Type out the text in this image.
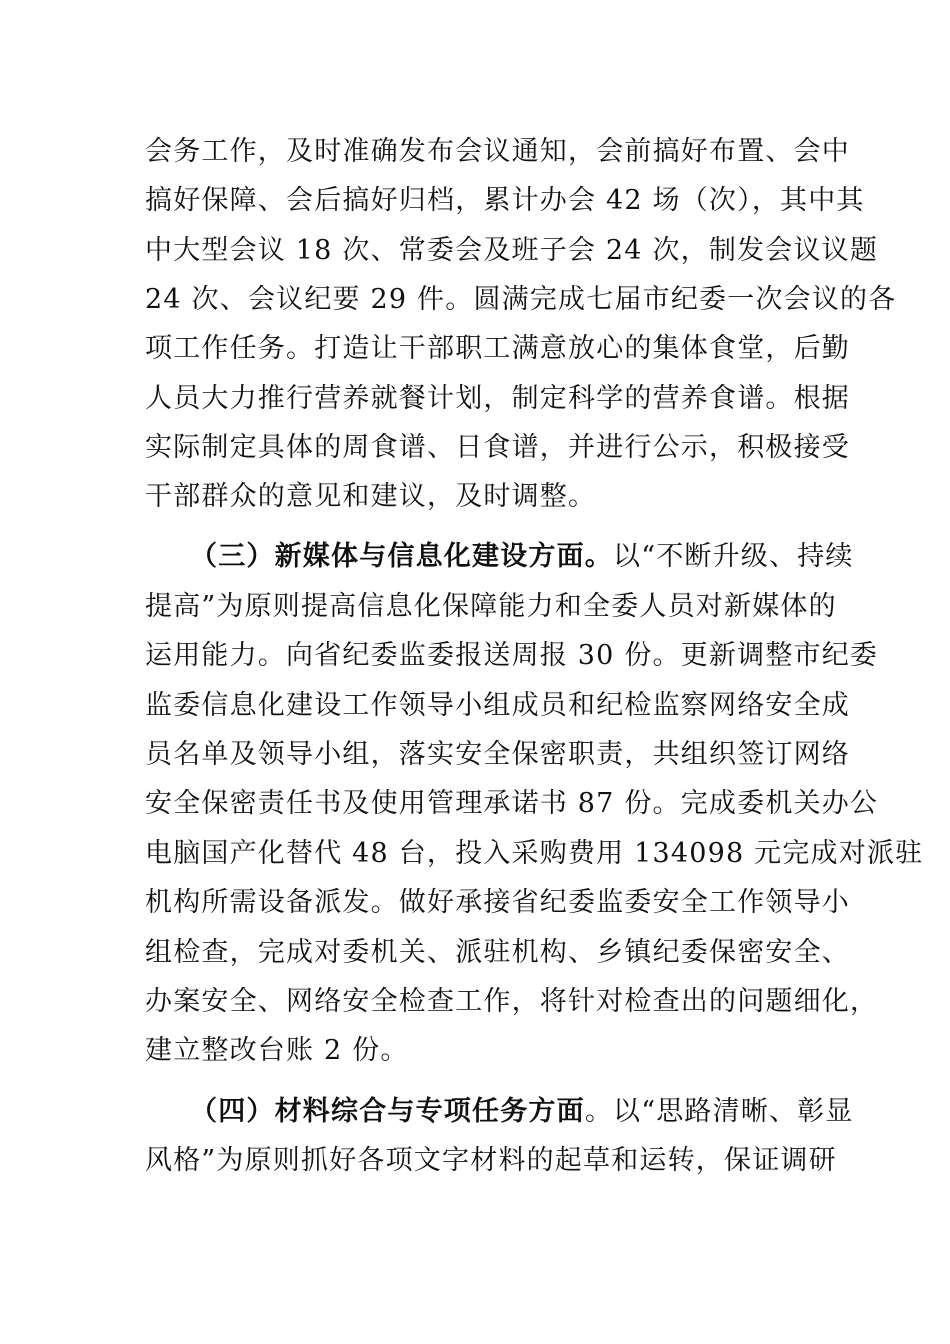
会务工作，及时准确发布会议通知，会前搞好布置、会中
搞好保障、会后搞好归档，累计办会 42 场（次），其中其
中大型会议 18 次、常委会及班子会 24 次，制发会议议题
24 次、会议纪要 29 件。圆满完成七届市纪委一次会议的各
项工作任务。打造让干部职工满意放心的集体食堂，后勤
人员大力推行营养就餐计划，制定科学的营养食谱。根据
实际制定具体的周食谱、日食谱，并进行公示，积极接受
干部群众的意见和建议，及时调整。
（三）新媒体与信息化建设方面。以“不断升级、持续
提高”为原则提高信息化保障能力和全委人员对新媒体的
运用能力。向省纪委监委报送周报 30 份。更新调整市纪委
监委信息化建设工作领导小组成员和纪检监察网络安全成
员名单及领导小组，落实安全保密职责，共组织签订网络
安全保密责任书及使用管理承诺书 87 份。完成委机关办公
电脑国产化替代 48 台，投入采购费用 134098 元完成对派驻
机构所需设备派发。做好承接省纪委监委安全工作领导小
组检查，完成对委机关、派驻机构、乡镇纪委保密安全、
办案安全、网络安全检查工作，将针对检查出的问题细化，
建立整改台账 2 份。
（四）材料综合与专项任务方面。以“思路清晰、彰显
风格”为原则抓好各项文字材料的起草和运转，保证调研
